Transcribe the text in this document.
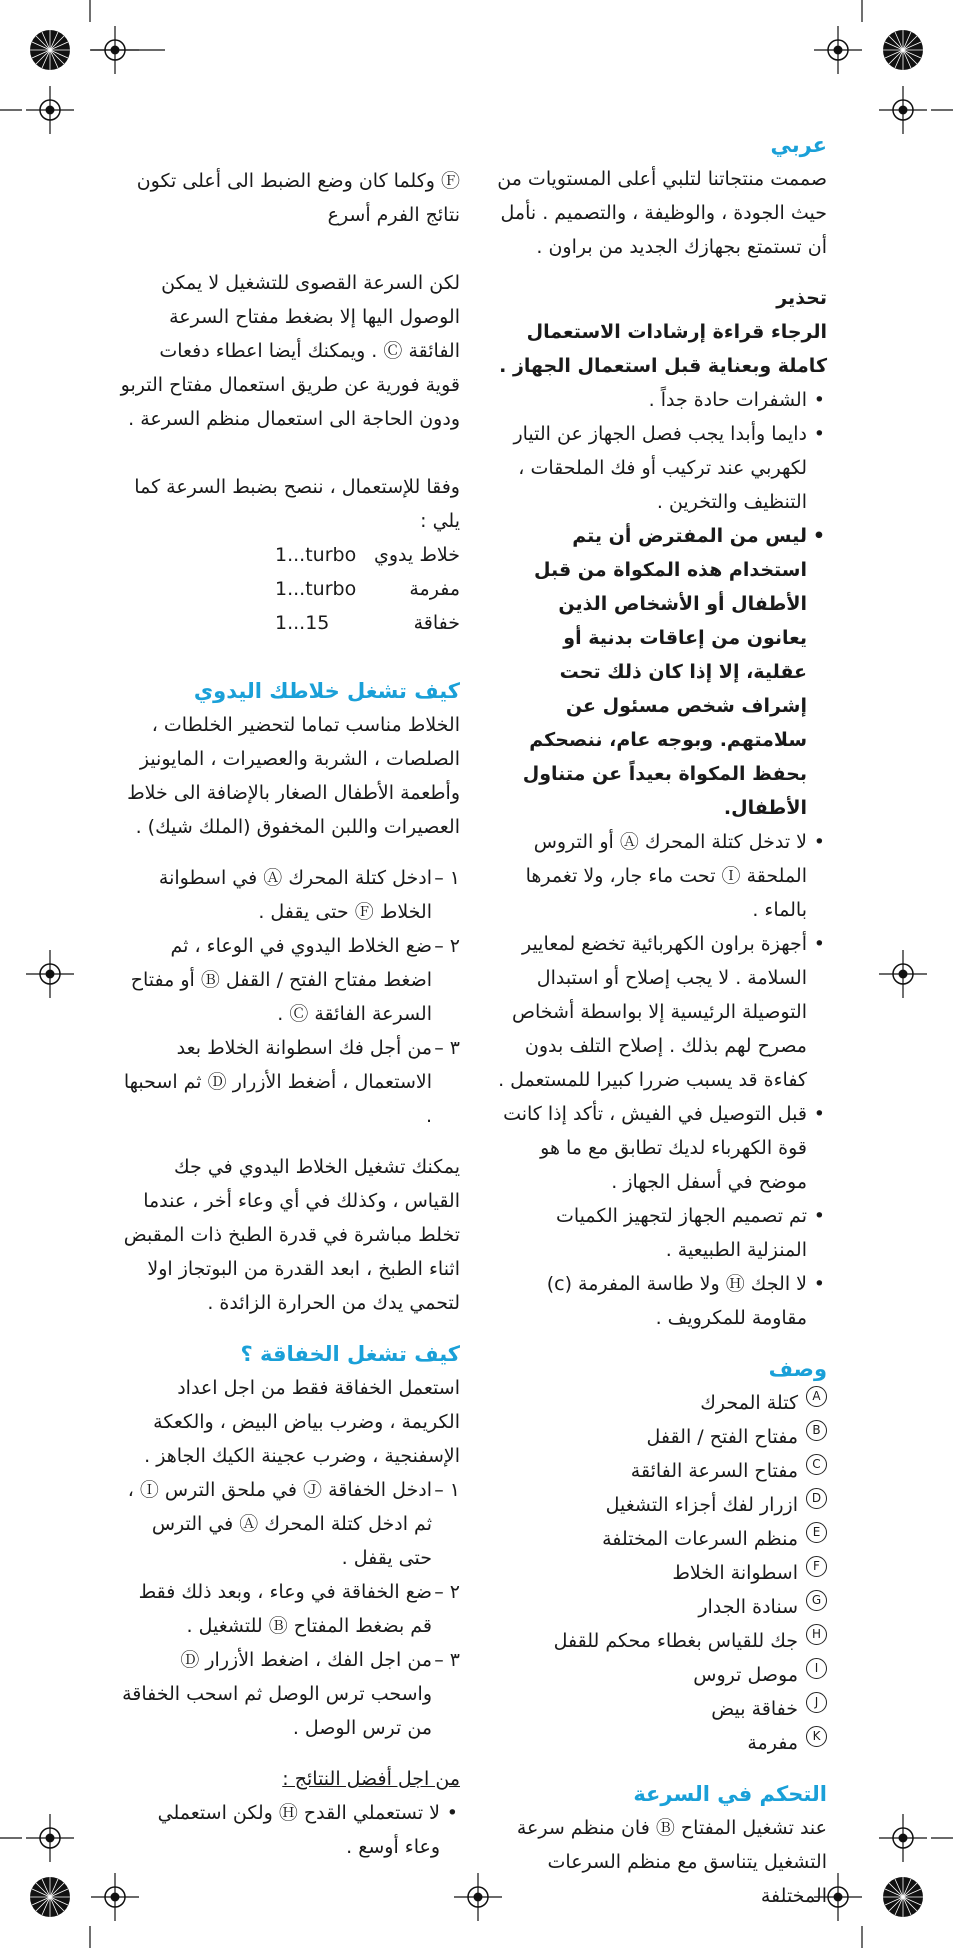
عربي

صممت منتجاتنا لتلبي أعلى المستويات من حيث الجودة ، والوظيفة ، والتصميم . نأمل أن تستمتع بجهازك الجديد من براون .

تحذير

الرجاء قراءة إرشادات الاستعمال كاملة وبعناية قبل استعمال الجهاز .

• الشفرات حادة جداً .
• دايما وأبدا يجب فصل الجهاز عن التيار لكهربي عند تركيب أو فك الملحقات ، التنظيف والتخرين .
• ليس من المفترض أن يتم استخدام هذه المكواة من قبل الأطفال أو الأشخاص الذين يعانون من إعاقات بدنية أو عقلية، إلا إذا كان ذلك تحت إشراف شخص مسئول عن سلامتهم. وبوجه عام، ننصحكم بحفظ المكواة بعيداً عن متناول الأطفال.
• لا تدخل كتلة المحرك Ⓐ أو التروس الملحقة Ⓘ تحت ماء جار، ولا تغمرها بالماء .
• أجهزة براون الكهربائية تخضع لمعايير السلامة . لا يجب إصلاح أو استبدال التوصيلة الرئيسية إلا بواسطة أشخاص مصرح لهم بذلك . إصلاح التلف بدون كفاءة قد يسبب ضررا كبيرا للمستعمل .
• قبل التوصيل في الفيش ، تأكد إذا كانت قوة الكهرباء لديك تطابق مع ما هو موضح في أسفل الجهاز .
• تم تصميم الجهاز لتجهيز الكميات المنزلية الطبيعية .
• لا الجك Ⓗ ولا طاسة المفرمة (c) مقاومة للمكرويف .
وصف
A
كتلة المحرك
B
مفتاح الفتح / القفل
C
مفتاح السرعة الفائقة
D
ازرار لفك أجزاء التشغيل
E
منظم السرعات المختلفة
F
اسطوانة الخلاط
G
سنادة الجدار
H
جك للقياس بغطاء محكم للقفل
I
موصل تروس
J
خفاقة بيض
K
مفرمة
التحكم في السرعة

عند تشغيل المفتاح Ⓑ فان منظم سرعة التشغيل يتناسق مع منظم السرعات المختلفة

Ⓕ وكلما كان وضع الضبط الى أعلى تكون نتائج الفرم أسرع

لكن السرعة القصوى للتشغيل لا يمكن الوصول اليها إلا بضغط مفتاح السرعة الفائقة Ⓒ . ويمكنك أيضا اعطاء دفعات قوية فورية عن طريق استعمال مفتاح التربو ودون الحاجة الى استعمال منظم السرعة .

وفقا للإستعمال ، ننصح بضبط السرعة كما يلي :

خلاط يدوي
1...turbo
مفرمة
1...turbo
خفاقة
1...15
كيف تشغل خلاطك اليدوي

الخلاط مناسب تماما لتحضير الخلطات ، الصلصات ، الشربة والعصيرات ، المايونيز وأطعمة الأطفال الصغار بالإضافة الى خلاط العصيرات واللبن المخفوق (الملك شيك) .

١ –
ادخل كتلة المحرك Ⓐ في اسطوانة الخلاط Ⓕ حتى يقفل .
٢ –
ضع الخلاط اليدوي في الوعاء ، ثم اضغط مفتاح الفتح / القفل Ⓑ أو مفتاح السرعة الفائقة Ⓒ .
٣ –
من أجل فك اسطوانة الخلاط بعد الاستعمال ، أضغط الأزرار Ⓓ ثم اسحبها .

يمكنك تشغيل الخلاط اليدوي في جك القياس ، وكذلك في أي وعاء أخر ، عندما تخلط مباشرة في قدرة الطبخ ذات المقبض اثناء الطبخ ، ابعد القدرة من البوتجاز اولا لتحمي يدك من الحرارة الزائدة .

كيف تشغل الخفاقة ؟

استعمل الخفاقة فقط من اجل اعداد الكريمة ، وضرب بياض البيض ، والكعكة الإسفنجية ، وضرب عجينة الكيك الجاهز .

١ –
ادخل الخفاقة Ⓙ في ملحق الترس Ⓘ ، ثم ادخل كتلة المحرك Ⓐ في الترس حتى يقفل .
٢ –
ضع الخفاقة في وعاء ، وبعد ذلك فقط قم بضغط المفتاح Ⓑ للتشغيل .
٣ –
من اجل الفك ، اضغط الأزرار Ⓓ واسحب ترس الوصل ثم اسحب الخفاقة من ترس الوصل .

من اجل أفضل النتائج :

• لا تستعملي القدح Ⓗ ولكن استعملي وعاء أوسع .
